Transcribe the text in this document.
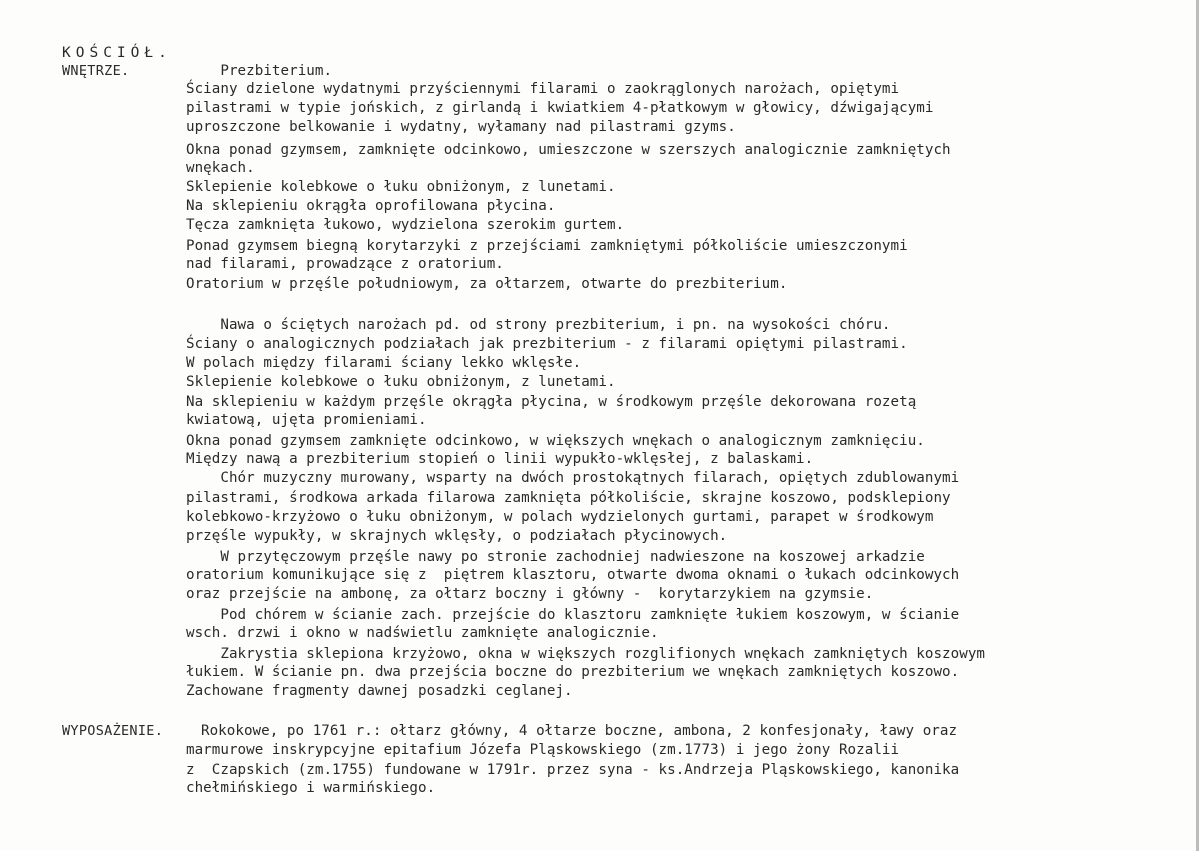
KOŚCIÓŁ.
WNĘTRZE.	Prezbiterium.
Ściany dzielone wydatnymi przyściennymi filarami o zaokrąglonych narożach, opiętymi
pilastrami w typie jońskich, z girlandą i kwiatkiem 4-płatkowym w głowicy, dźwigającymi
uproszczone belkowanie i wydatny, wyłamany nad pilastrami gzyms.
Okna ponad gzymsem, zamknięte odcinkowo, umieszczone w szerszych analogicznie zamkniętych
wnękach.
Sklepienie kolebkowe o łuku obniżonym, z lunetami.
Na sklepieniu okrągła oprofilowana płycina.
Tęcza zamknięta łukowo, wydzielona szerokim gurtem.
Ponad gzymsem biegną korytarzyki z przejściami zamkniętymi półkoliście umieszczonymi
nad filarami, prowadzące z oratorium.
Oratorium w przęśle południowym, za ołtarzem, otwarte do prezbiterium.
Nawa o ściętych narożach pd. od strony prezbiterium, i pn. na wysokości chóru.
Ściany o analogicznych podziałach jak prezbiterium - z filarami opiętymi pilastrami.
W polach między filarami ściany lekko wklęsłe.
Sklepienie kolebkowe o łuku obniżonym, z lunetami.
Na sklepieniu w każdym przęśle okrągła płycina, w środkowym przęśle dekorowana rozetą
kwiatową, ujęta promieniami.
Okna ponad gzymsem zamknięte odcinkowo, w większych wnękach o analogicznym zamknięciu.
Między nawą a prezbiterium stopień o linii wypukło-wklęsłej, z balaskami.
Chór muzyczny murowany, wsparty na dwóch prostokątnych filarach, opiętych zdublowanymi
pilastrami, środkowa arkada filarowa zamknięta półkoliście, skrajne koszowo, podsklepiony
kolebkowo-krzyżowo o łuku obniżonym, w polach wydzielonych gurtami, parapet w środkowym
przęśle wypukły, w skrajnych wklęsły, o podziałach płycinowych.
W przytęczowym przęśle nawy po stronie zachodniej nadwieszone na koszowej arkadzie
oratorium komunikujące się z  piętrem klasztoru, otwarte dwoma oknami o łukach odcinkowych
oraz przejście na ambonę, za ołtarz boczny i główny -  korytarzykiem na gzymsie.
Pod chórem w ścianie zach. przejście do klasztoru zamknięte łukiem koszowym, w ścianie
wsch. drzwi i okno w nadświetlu zamknięte analogicznie.
Zakrystia sklepiona krzyżowo, okna w większych rozglifionych wnękach zamkniętych koszowym
łukiem. W ścianie pn. dwa przejścia boczne do prezbiterium we wnękach zamkniętych koszowo.
Zachowane fragmenty dawnej posadzki ceglanej.
WYPOSAŻENIE.	Rokokowe, po 1761 r.: ołtarz główny, 4 ołtarze boczne, ambona, 2 konfesjonały, ławy oraz
marmurowe inskrypcyjne epitafium Józefa Pląskowskiego (zm.1773) i jego żony Rozalii
z  Czapskich (zm.1755) fundowane w 1791r. przez syna - ks.Andrzeja Pląskowskiego, kanonika
chełmińskiego i warmińskiego.
